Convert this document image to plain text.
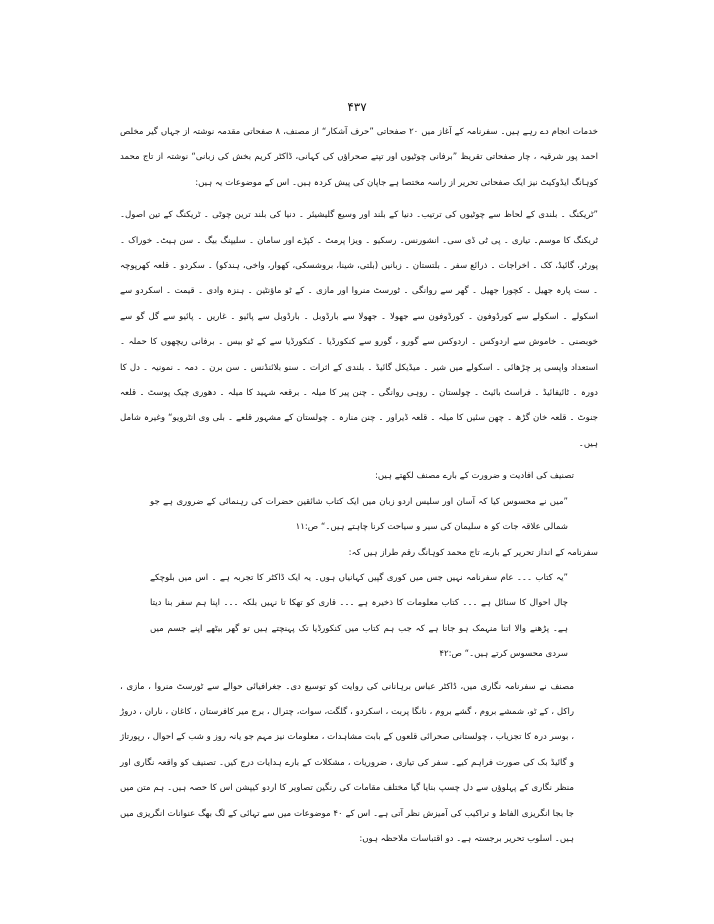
۴۳۷

خدمات انجام دے رہے ہیں۔ سفرنامہ کے آغاز میں ۲۰ صفحاتی ”حرف آشکار“ از مصنف، ۸ صفحاتی مقدمہ نوشتہ از جہاں گیر مخلص احمد پور شرقیہ ، چار صفحاتی تقریظ ”برفانی چوٹیوں اور تپتے صحراؤں کی کہانی، ڈاکٹر کریم بخش کی زبانی“ نوشتہ از تاج محمد کوہانگ ایڈوکیٹ نیز ایک صفحاتی تحریر از راسہ مختصا ہے جاپان کی پیش کردہ ہیں۔ اس کے موضوعات یہ ہیں:

”ٹریکنگ ۔ بلندی کے لحاظ سے چوٹیوں کی ترتیب۔ دنیا کے بلند اور وسیع گلیشیئر ۔ دنیا کی بلند ترین چوٹی ۔ ٹریکنگ کے تین اصول۔ ٹریکنگ کا موسم۔ تیاری ۔ پی ٹی ڈی سی۔ انشورنس۔ رسکیو ۔ ویزا پرمٹ ۔ کپڑے اور سامان ۔ سلیپنگ بیگ ۔ سن ہیٹ۔ خوراک ۔ پورٹر، گائیڈ، کک ۔ اخراجات ۔ ذرائع سفر ۔ بلتستان ۔ زبانیں (بلتی، شینا، بروشسکی، کھوار، واخی، ہندکو) ۔ سکردو ۔ قلعہ کھرپوچہ ۔ ست پارہ جھیل ۔ کچورا جھیل ۔ گھر سے روانگی ۔ ٹورسٹ منروا اور مازی ۔ کے ٹو ماؤنٹین ۔ ہنزہ وادی ۔ قیمت ۔ اسکردو سے اسکولے ۔ اسکولے سے کورڈوفون ۔ کورڈوفون سے جھولا ۔ جھولا سے بارڈوبل ۔ بارڈوبل سے پائیو ۔ غاریں ۔ پائیو سے گل گو سے خوبصنی ۔ خاموش سے اردوکس ۔ اردوکس سے گورو ، گورو سے کنکورڈیا ۔ کنکورڈیا سے کے ٹو بیس ۔ برفانی ریچھوں کا حملہ ۔ استعداد واپسی پر چڑھائی ۔ اسکولے میں شیر ۔ میڈیکل گائیڈ ۔ بلندی کے اثرات ۔ سنو بلائنڈنس ۔ سن برن ۔ دمہ ۔ نمونیہ ۔ دل کا دورہ ۔ ٹائیفائیڈ ۔ فراسٹ بائیٹ ۔ چولستان ۔ روہی روانگی ۔ چنن پیر کا میلہ ۔ برقعہ شہید کا میلہ ۔ دھوری چیک پوسٹ ۔ قلعہ جنوٹ ۔ قلعہ خان گڑھ ۔ چھن سئیں کا میلہ ۔ قلعہ ڈیراور ۔ چنن منارہ ۔ چولستان کے مشہور قلعے ۔ بلی وی انٹرویو“ وغیرہ شامل ہیں۔

تصنیف کی افادیت و ضرورت کے بارے مصنف لکھتے ہیں:

”میں نے محسوس کیا کہ آسان اور سلیس اردو زبان میں ایک کتاب شائقین حضرات کی رہنمائی کے ضروری ہے جو شمالی علاقہ جات کو ہ سلیمان کی سیر و سیاحت کرنا چاہتے ہیں۔“ ص:۱۱

سفرنامہ کے انداز تحریر کے بارے، تاج محمد کوہانگ رقم طراز ہیں کہ:

”یہ کتاب ۔۔۔ عام سفرنامہ نہیں جس میں کوری گپیں کہانیاں ہوں۔ یہ ایک ڈاکٹر کا تجربہ ہے ۔ اس میں بلوچکے چال احوال کا سنائل ہے ۔۔۔ کتاب معلومات کا ذخیرہ ہے ۔۔۔ قاری کو تھکا تا نہیں بلکہ ۔۔۔ اپنا ہم سفر بنا دیتا ہے۔ پڑھنے والا اتنا منہمک ہو جاتا ہے کہ جب ہم کتاب میں کنکورڈیا تک پہنچتے ہیں تو گھر بیٹھے اپنے جسم میں سردی محسوس کرتے ہیں۔“ ص:۴۲

مصنف نے سفرنامہ نگاری میں، ڈاکٹر عباس برہانانی کی روایت کو توسیع دی۔ جغرافیائی حوالے سے ٹورسٹ منروا ، مازی ، راکل ، کے ٹو، شمشے بروم ، گشے بروم ، نانگا پربت ، اسکردو ، گلگت، سوات، چترال ، برج میر کافرستان ، کاغان ، ناران ، دروڑ ، بوسر درہ کا تجزیاب ، چولستانی صحرائی قلعوں کے بابت مشاہدات ، معلومات نیز مہم جو یانہ روز و شب کے احوال ، رپورتاژ و گائیڈ بک کی صورت فراہم کیے۔ سفر کی تیاری ، ضروریات ، مشکلات کے بارے ہدایات درج کیں۔ تصنیف کو واقعہ نگاری اور منظر نگاری کے پہلوؤں سے دل چسپ بنایا گیا مختلف مقامات کی رنگین تصاویر کا اردو کیپشن اس کا حصہ ہیں۔ ہم متن میں جا بجا انگریزی الفاظ و تراکیب کی آمیزش نظر آتی ہے۔ اس کے ۴۰ موضوعات میں سے تہائی کے لگ بھگ عنوانات انگریزی میں ہیں۔ اسلوب تحریر برجستہ ہے۔ دو اقتباسات ملاحظہ ہوں:
